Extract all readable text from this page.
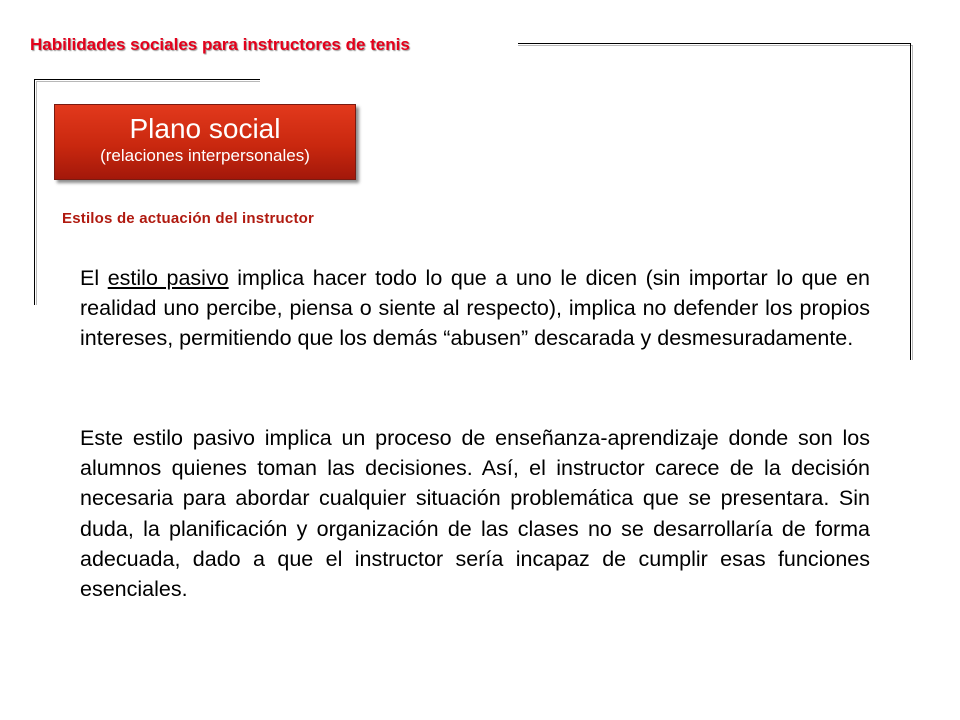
Habilidades sociales para instructores de tenis
Plano social
(relaciones interpersonales)
Estilos de actuación del instructor

El estilo pasivo implica hacer todo lo que a uno le dicen (sin importar lo que en realidad uno percibe, piensa o siente al respecto), implica no defender los propios intereses, permitiendo que los demás “abusen” descarada y desmesuradamente.

Este estilo pasivo implica un proceso de enseñanza-aprendizaje donde son los alumnos quienes toman las decisiones. Así, el instructor carece de la decisión necesaria para abordar cualquier situación problemática que se presentara. Sin duda, la planificación y organización de las clases no se desarrollaría de forma adecuada, dado a que el instructor sería incapaz de cumplir esas funciones esenciales.
